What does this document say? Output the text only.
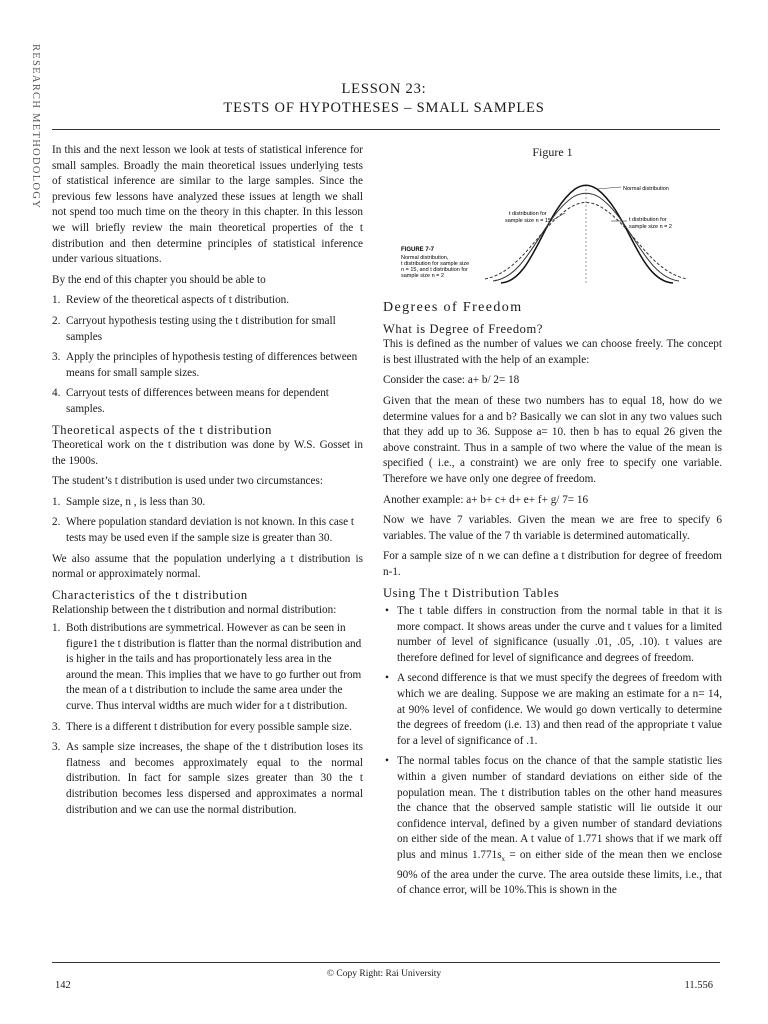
RESEARCH METHODOLOGY	LESSON 23:
TESTS OF HYPOTHESES – SMALL SAMPLES

In this and the next lesson we look at tests of statistical inference for small samples. Broadly the main theoretical issues underlying tests of statistical inference are similar to the large samples. Since the previous few lessons have analyzed these issues at length we shall not spend too much time on the theory in this chapter. In this lesson we will briefly review the main theoretical properties of the t distribution and then determine principles of statistical inference under various situations.

By the end of this chapter you should be able to

1. Review of the theoretical aspects of t distribution.
2. Carryout hypothesis testing using the t distribution for small samples
3. Apply the principles of hypothesis testing of differences between means for small sample sizes.
4. Carryout tests of differences between means for dependent samples.
Theoretical aspects of the t distribution

Theoretical work on the t distribution was done by W.S. Gosset in the 1900s.

The student’s t distribution is used under two circumstances:

1. Sample size, n , is less than 30.
2. Where population standard deviation is not known. In this case t tests may be used even if the sample size is greater than 30.

We also assume that the population underlying a t distribution is normal or approximately normal.

Characteristics of the t distribution

Relationship between the t distribution and normal distribution:

1. Both distributions are symmetrical. However as can be seen in figure1 the t distribution is flatter than the normal distribution and is higher in the tails and has proportionately less area in the around the mean. This implies that we have to go further out from the mean of a t distribution to include the same area under the curve. Thus interval widths are much wider for a t distribution.
3. There is a different t distribution for every possible sample size.
3. As sample size increases, the shape of the t distribution loses its flatness and becomes approximately equal to the normal distribution. In fact for sample sizes greater than 30 the t distribution becomes less dispersed and approximates a normal distribution and we can use the normal distribution.
Figure 1
Normal distribution
t distribution for
sample size n = 15	t distribution for
sample size n = 2
FIGURE 7-7
Normal distribution,
t distribution for sample size
n = 15, and t distribution for
sample size n = 2
Degrees of Freedom
What is Degree of Freedom?

This is defined as the number of values we can choose freely. The concept is best illustrated with the help of an example:

Consider the case: a+ b/ 2= 18

Given that the mean of these two numbers has to equal 18, how do we determine values for a and b? Basically we can slot in any two values such that they add up to 36. Suppose a= 10. then b has to equal 26 given the above constraint. Thus in a sample of two where the value of the mean is specified ( i.e., a constraint) we are only free to specify one variable. Therefore we have only one degree of freedom.

Another example: a+ b+ c+ d+ e+ f+ g/ 7= 16

Now we have 7 variables. Given the mean we are free to specify 6 variables. The value of the 7 th variable is determined automatically.

For a sample size of n we can define a t distribution for degree of freedom n-1.

Using The t Distribution Tables
• The t table differs in construction from the normal table in that it is more compact. It shows areas under the curve and t values for a limited number of level of significance (usually .01, .05, .10). t values are therefore defined for level of significance and degrees of freedom.
• A second difference is that we must specify the degrees of freedom with which we are dealing. Suppose we are making an estimate for a n= 14, at 90% level of confidence. We would go down vertically to determine the degrees of freedom (i.e. 13) and then read of the appropriate t value for a level of significance of .1.
• The normal tables focus on the chance of that the sample statistic lies within a given number of standard deviations on either side of the population mean. The t distribution tables on the other hand measures the chance that the observed sample statistic will lie outside it our confidence interval, defined by a given number of standard deviations on either side of the mean. A t value of 1.771 shows that if we mark off plus and minus $1.771s_x$ = on either side of the mean then we enclose 90% of the area under the curve. The area outside these limits, i.e., that of chance error, will be 10%.This is shown in the
© Copy Right: Rai University
142	11.556
